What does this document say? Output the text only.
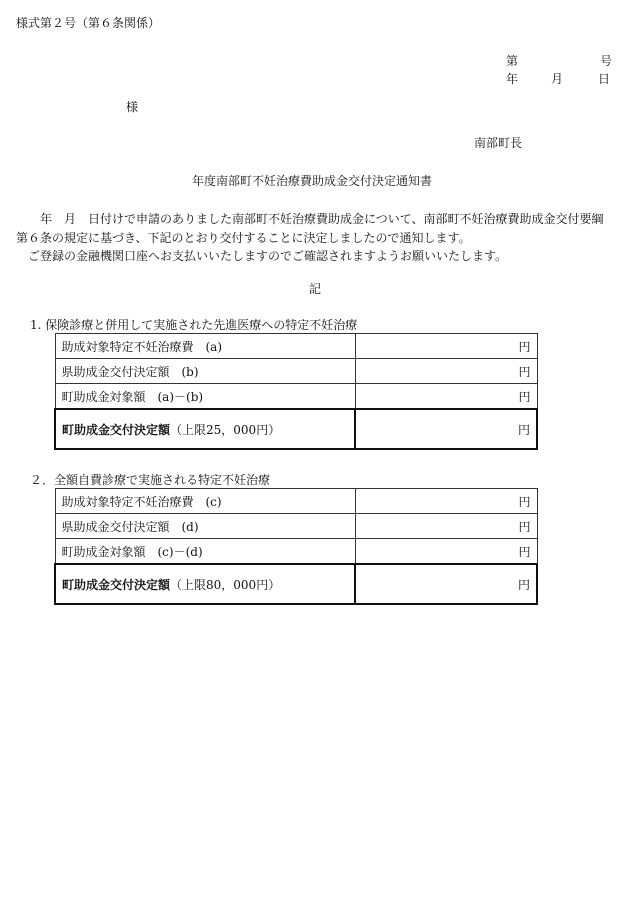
様式第２号（第６条関係）
第	号
年	月	日
様
南部町長
年度南部町不妊治療費助成金交付決定通知書
年　月　日付けで申請のありました南部町不妊治療費助成金について、南部町不妊治療費助成金交付要綱
第６条の規定に基づき、下記のとおり交付することに決定しましたので通知します。
ご登録の金融機関口座へお支払いいたしますのでご確認されますようお願いいたします。
記
1. 保険診療と併用して実施された先進医療への特定不妊治療
助成対象特定不妊治療費　(a)	円
県助成金交付決定額　(b)	円
町助成金対象額　(a)－(b)	円
町助成金交付決定額（上限25，000円）	円
２．全額自費診療で実施される特定不妊治療
助成対象特定不妊治療費　(c)	円
県助成金交付決定額　(d)	円
町助成金対象額　(c)－(d)	円
町助成金交付決定額（上限80，000円）	円
